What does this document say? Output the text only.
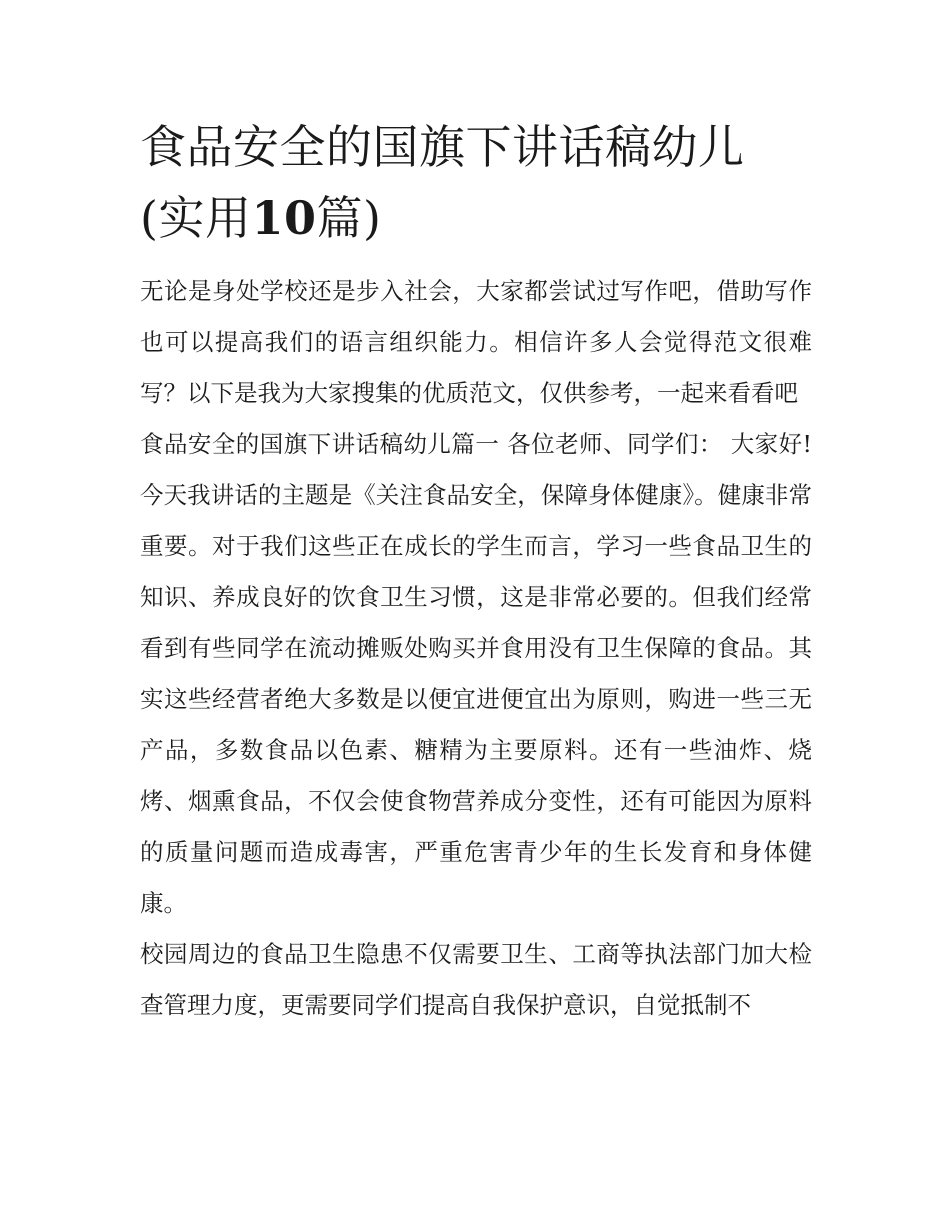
食品安全的国旗下讲话稿幼儿
(实用10篇)

无论是身处学校还是步入社会，大家都尝试过写作吧，借助写作也可以提高我们的语言组织能力。相信许多人会觉得范文很难写？以下是我为大家搜集的优质范文，仅供参考，一起来看看吧

食品安全的国旗下讲话稿幼儿篇一 各位老师、同学们： 大家好!今天我讲话的主题是《关注食品安全，保障身体健康》。健康非常重要。对于我们这些正在成长的学生而言，学习一些食品卫生的知识、养成良好的饮食卫生习惯，这是非常必要的。但我们经常看到有些同学在流动摊贩处购买并食用没有卫生保障的食品。其实这些经营者绝大多数是以便宜进便宜出为原则，购进一些三无产品，多数食品以色素、糖精为主要原料。还有一些油炸、烧烤、烟熏食品，不仅会使食物营养成分变性，还有可能因为原料的质量问题而造成毒害，严重危害青少年的生长发育和身体健康。

校园周边的食品卫生隐患不仅需要卫生、工商等执法部门加大检查管理力度，更需要同学们提高自我保护意识，自觉抵制不
